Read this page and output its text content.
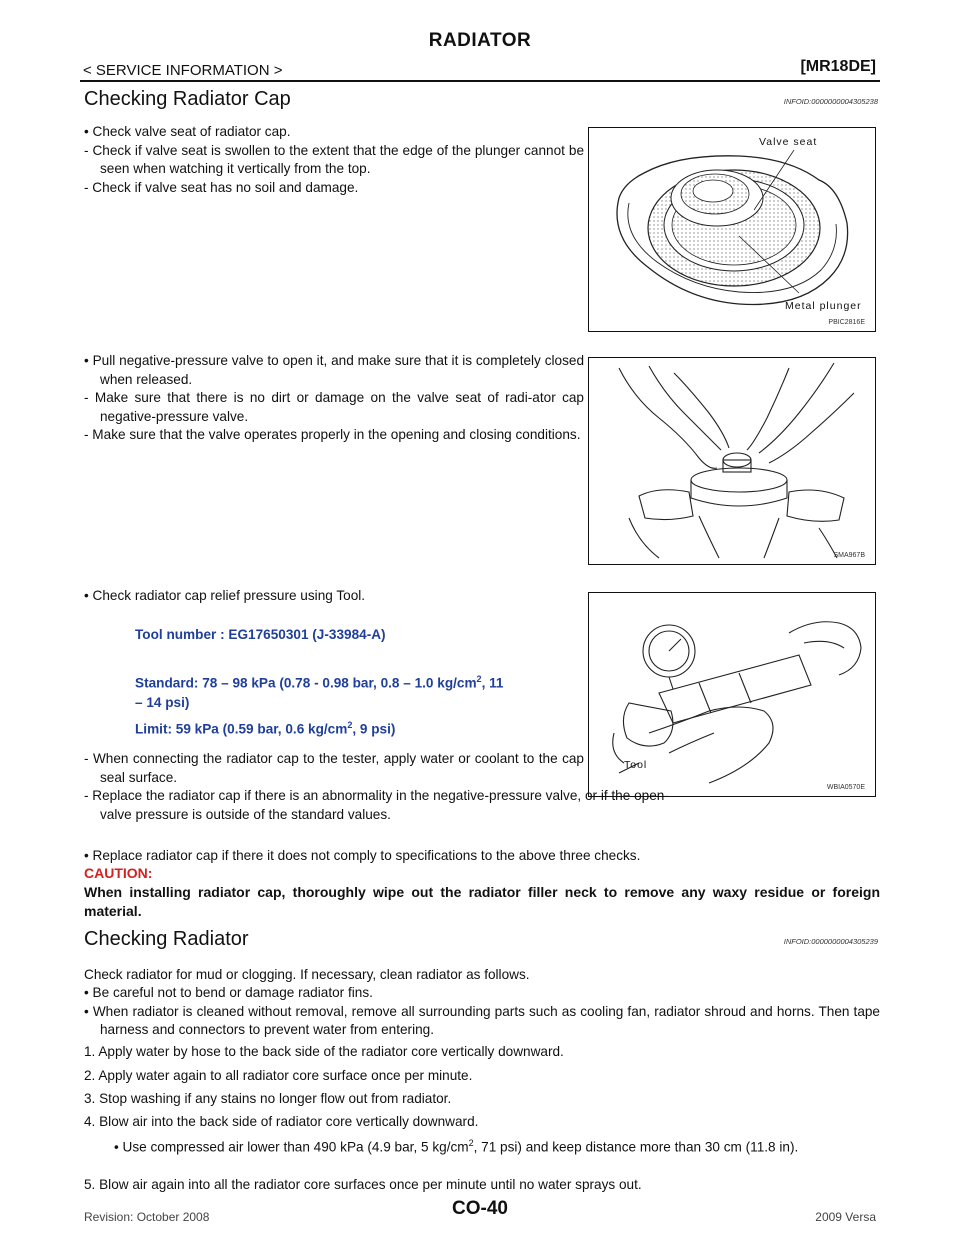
RADIATOR
< SERVICE INFORMATION >	[MR18DE]
Checking Radiator Cap	INFOID:0000000004305238

• Check valve seat of radiator cap.

- Check if valve seat is swollen to the extent that the edge of the plunger cannot be seen when watching it vertically from the top.

- Check if valve seat has no soil and damage.

Valve seat
Metal plunger
PBIC2816E

• Pull negative-pressure valve to open it, and make sure that it is completely closed when released.

- Make sure that there is no dirt or damage on the valve seat of radi-ator cap negative-pressure valve.

- Make sure that the valve operates properly in the opening and closing conditions.

SMA967B
• Check radiator cap relief pressure using Tool.
Tool number : EG17650301 (J-33984-A)
Standard: 78 – 98 kPa (0.78 - 0.98 bar, 0.8 – 1.0 $kg/cm^2$, 11
– 14 psi)
Limit: 59 kPa (0.59 bar, 0.6 $kg/cm^2$, 9 psi)
Tool
WBIA0570E

- When connecting the radiator cap to the tester, apply water or coolant to the cap seal surface.

- Replace the radiator cap if there is an abnormality in the negative-pressure valve, or if the open-valve pressure is outside of the standard values.

• Replace radiator cap if there it does not comply to specifications to the above three checks.
CAUTION:
When installing radiator cap, thoroughly wipe out the radiator filler neck to remove any waxy residue or foreign material.
Checking Radiator	INFOID:0000000004305239
Check radiator for mud or clogging. If necessary, clean radiator as follows.

• Be careful not to bend or damage radiator fins.

• When radiator is cleaned without removal, remove all surrounding parts such as cooling fan, radiator shroud and horns. Then tape harness and connectors to prevent water from entering.

1. Apply water by hose to the back side of the radiator core vertically downward.
2. Apply water again to all radiator core surface once per minute.
3. Stop washing if any stains no longer flow out from radiator.
4. Blow air into the back side of radiator core vertically downward.
• Use compressed air lower than 490 kPa (4.9 bar, 5 $kg/cm^2$, 71 psi) and keep distance more than 30 cm (11.8 in).
5. Blow air again into all the radiator core surfaces once per minute until no water sprays out.
Revision: October 2008	CO-40	2009 Versa
